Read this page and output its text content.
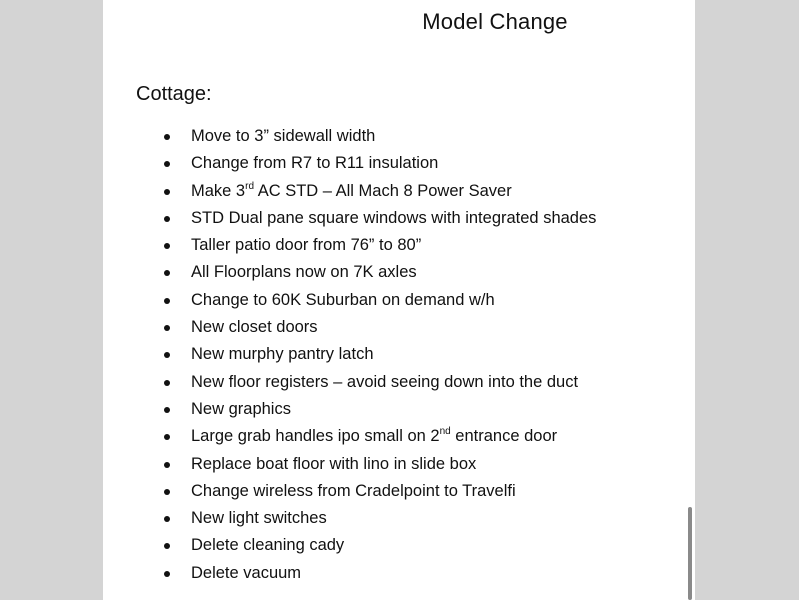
Model Change
Cottage:
Move to 3” sidewall width
Change from R7 to R11 insulation
Make 3rd AC STD – All Mach 8 Power Saver
STD Dual pane square windows with integrated shades
Taller patio door from 76” to 80”
All Floorplans now on 7K axles
Change to 60K Suburban on demand w/h
New closet doors
New murphy pantry latch
New floor registers – avoid seeing down into the duct
New graphics
Large grab handles ipo small on 2nd entrance door
Replace boat floor with lino in slide box
Change wireless from Cradelpoint to Travelfi
New light switches
Delete cleaning cady
Delete vacuum
